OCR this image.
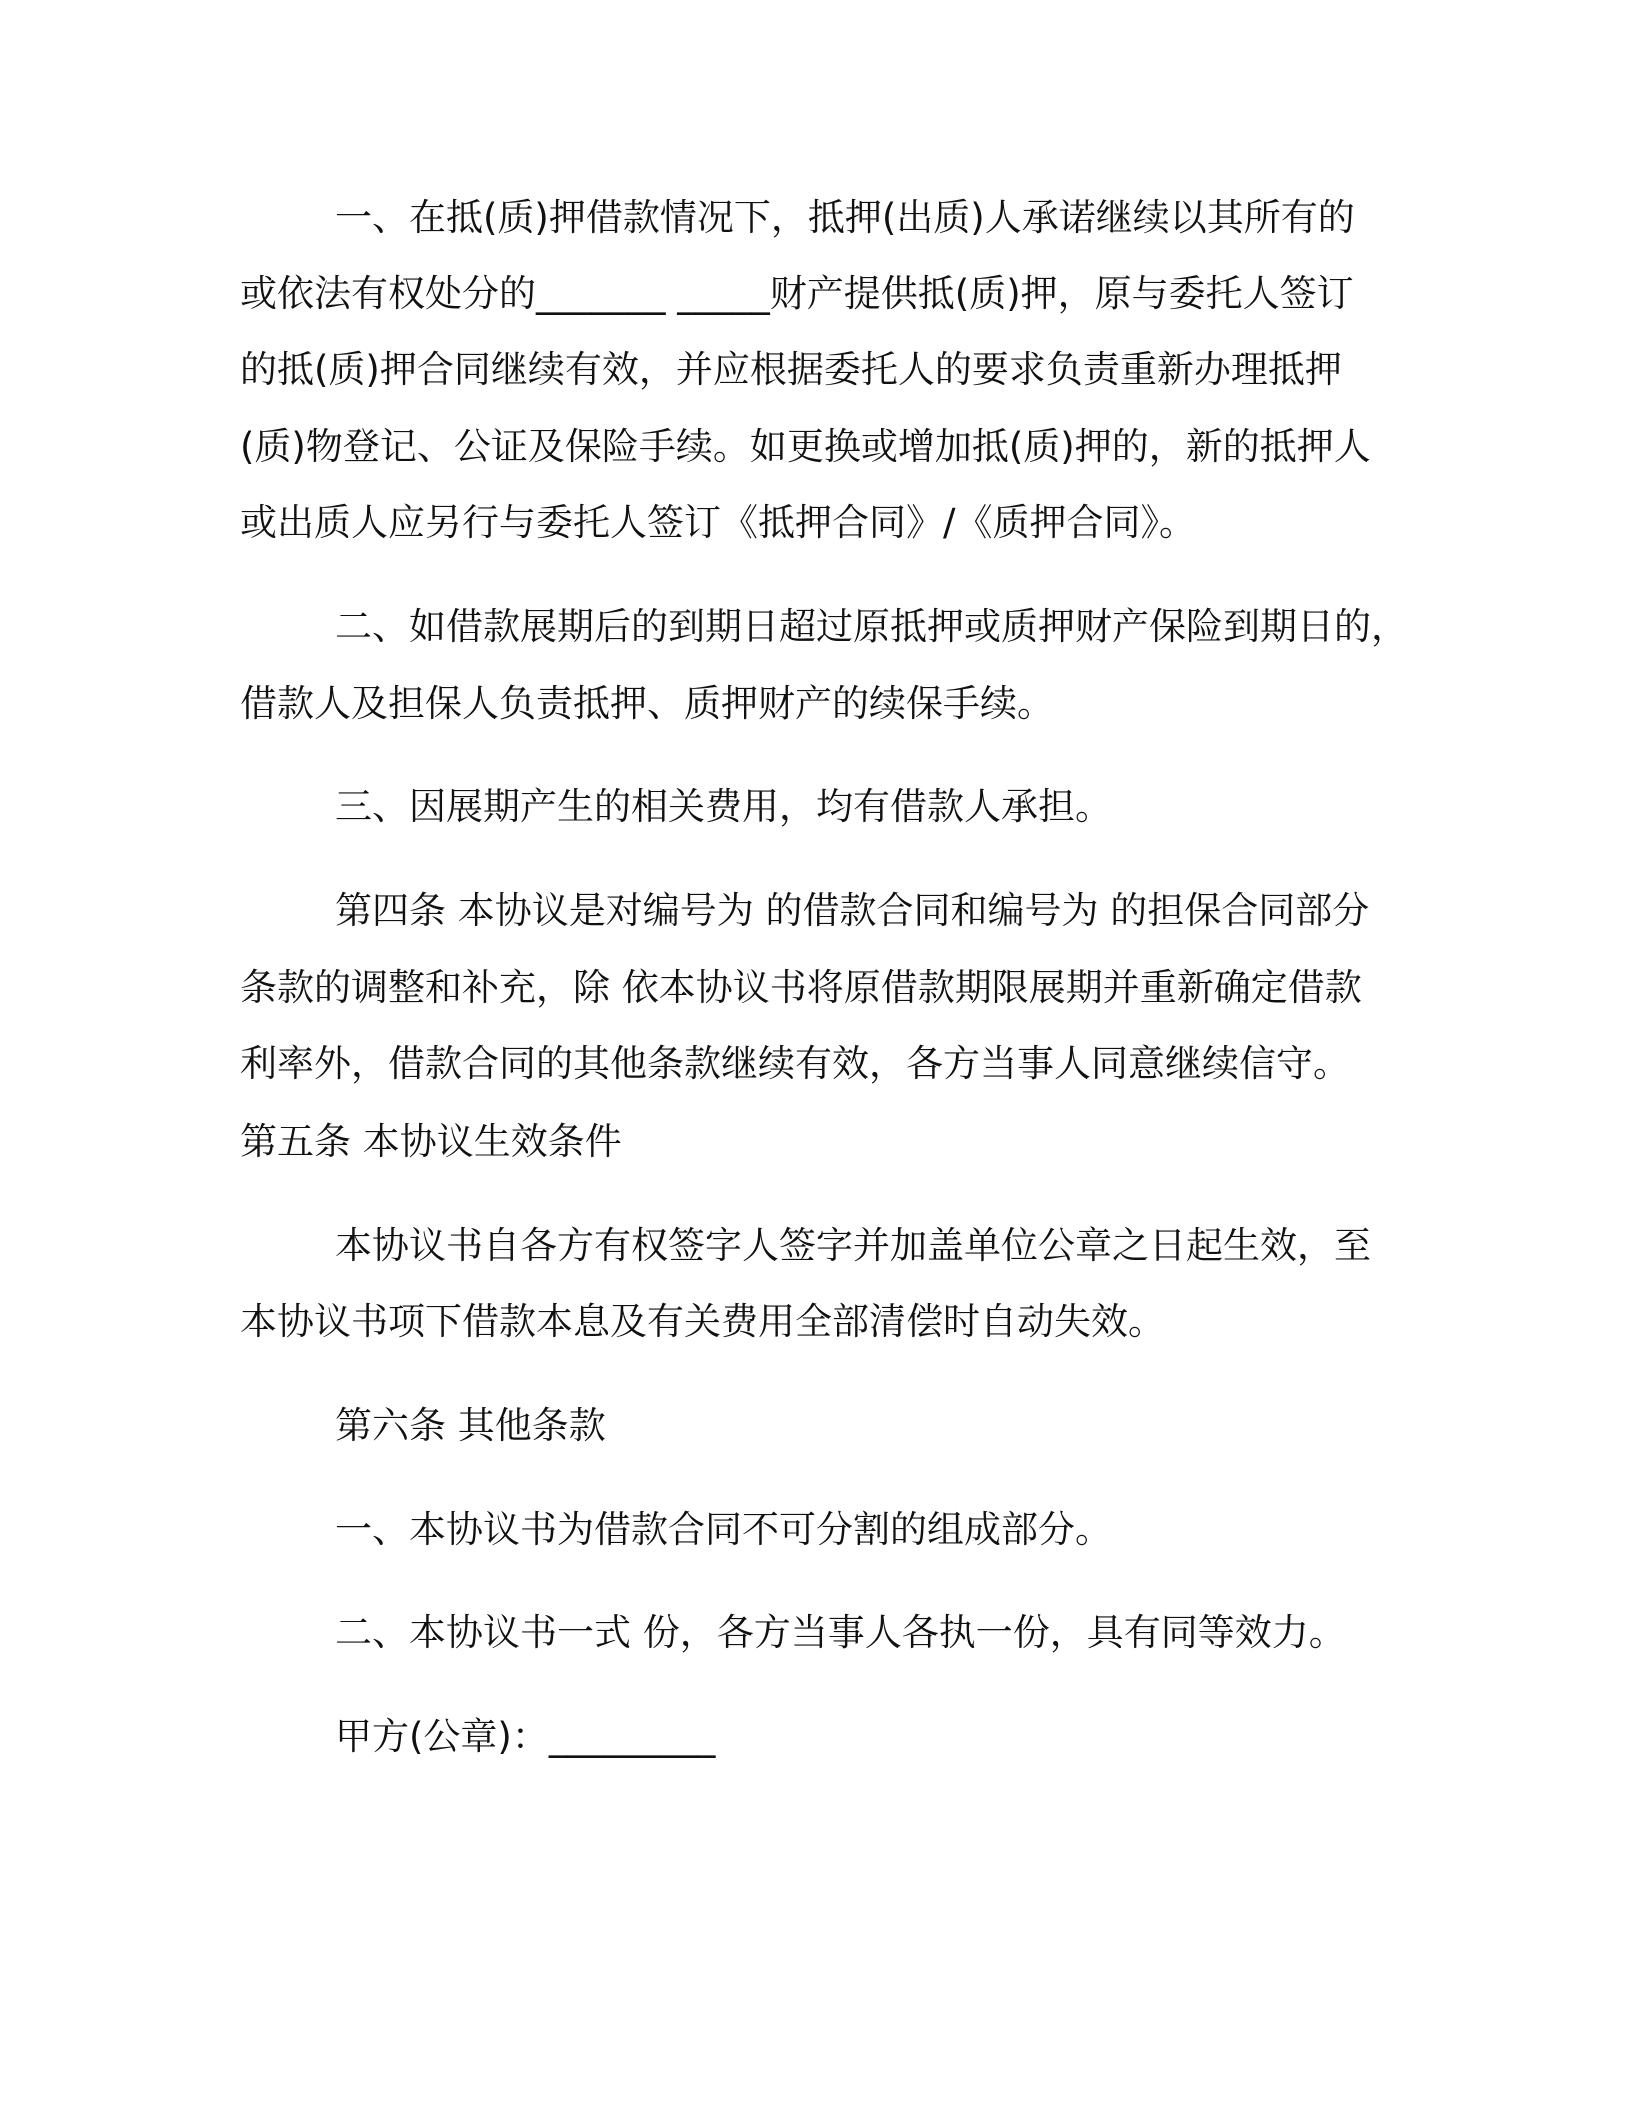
一、在抵(质)押借款情况下，抵押(出质)人承诺继续以其所有的
或依法有权处分的_______ _____财产提供抵(质)押，原与委托人签订
的抵(质)押合同继续有效，并应根据委托人的要求负责重新办理抵押
(质)物登记、公证及保险手续。如更换或增加抵(质)押的，新的抵押人
或出质人应另行与委托人签订《抵押合同》/《质押合同》。
二、如借款展期后的到期日超过原抵押或质押财产保险到期日的，
借款人及担保人负责抵押、质押财产的续保手续。
三、因展期产生的相关费用，均有借款人承担。
第四条 本协议是对编号为 的借款合同和编号为 的担保合同部分
条款的调整和补充，除 依本协议书将原借款期限展期并重新确定借款
利率外，借款合同的其他条款继续有效，各方当事人同意继续信守。
第五条 本协议生效条件
本协议书自各方有权签字人签字并加盖单位公章之日起生效，至
本协议书项下借款本息及有关费用全部清偿时自动失效。
第六条 其他条款
一、本协议书为借款合同不可分割的组成部分。
二、本协议书一式 份，各方当事人各执一份，具有同等效力。
甲方(公章)：_________
